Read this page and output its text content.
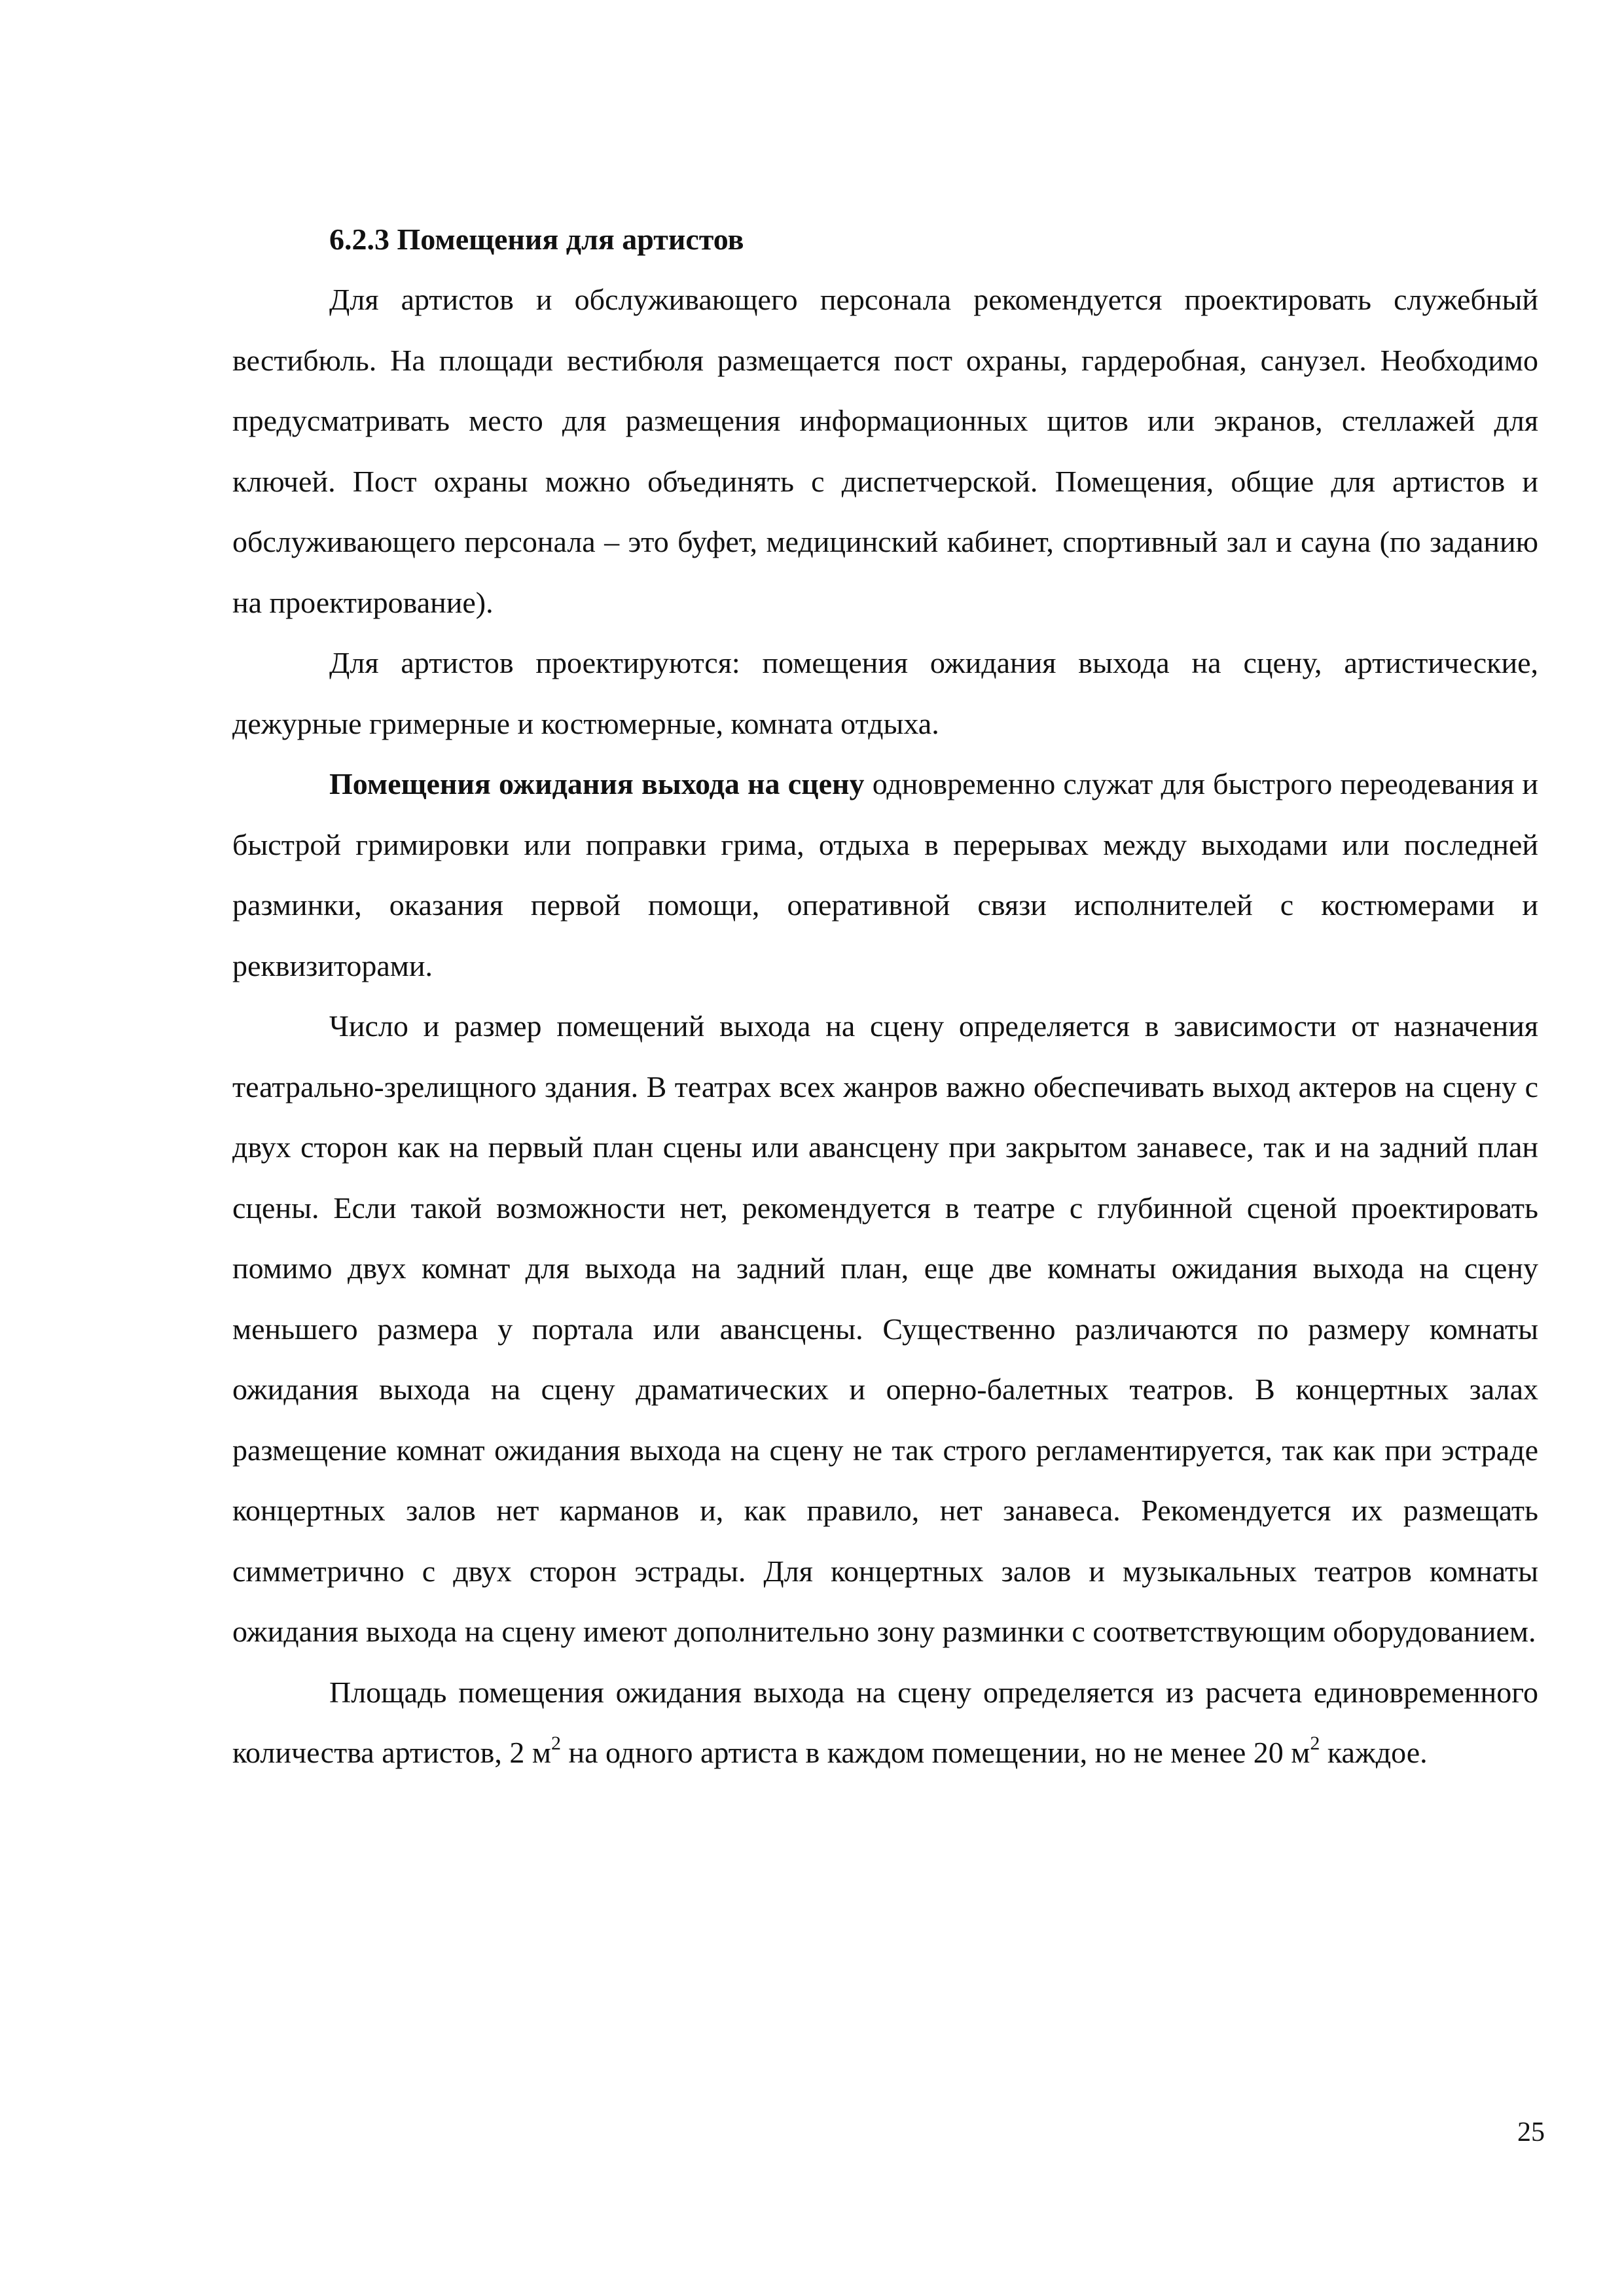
6.2.3 Помещения для артистов

Для артистов и обслуживающего персонала рекомендуется проектировать служебный вестибюль. На площади вестибюля размещается пост охраны, гардеробная, санузел. Необходимо предусматривать место для размещения информационных щитов или экранов, стеллажей для ключей. Пост охраны можно объединять с диспетчерской. Помещения, общие для артистов и обслуживающего персонала – это буфет, медицинский кабинет, спортивный зал и сауна (по заданию на проектирование).

Для артистов проектируются: помещения ожидания выхода на сцену, артистические, дежурные гримерные и костюмерные, комната отдыха.

Помещения ожидания выхода на сцену одновременно служат для быстрого переодевания и быстрой гримировки или поправки грима, отдыха в перерывах между выходами или последней разминки, оказания первой помощи, оперативной связи исполнителей с костюмерами и реквизиторами.

Число и размер помещений выхода на сцену определяется в зависимости от назначения театрально-зрелищного здания. В театрах всех жанров важно обеспечивать выход актеров на сцену с двух сторон как на первый план сцены или авансцену при закрытом занавесе, так и на задний план сцены. Если такой возможности нет, рекомендуется в театре с глубинной сценой проектировать помимо двух комнат для выхода на задний план, еще две комнаты ожидания выхода на сцену меньшего размера у портала или авансцены. Существенно различаются по размеру комнаты ожидания выхода на сцену драматических и оперно-балетных театров. В концертных залах размещение комнат ожидания выхода на сцену не так строго регламентируется, так как при эстраде концертных залов нет карманов и, как правило, нет занавеса. Рекомендуется их размещать симметрично с двух сторон эстрады. Для концертных залов и музыкальных театров комнаты ожидания выхода на сцену имеют дополнительно зону разминки с соответствующим оборудованием.

Площадь помещения ожидания выхода на сцену определяется из расчета единовременного количества артистов, 2 $м^2$ на одного артиста в каждом помещении, но не менее 20 $м^2$ каждое.

25
